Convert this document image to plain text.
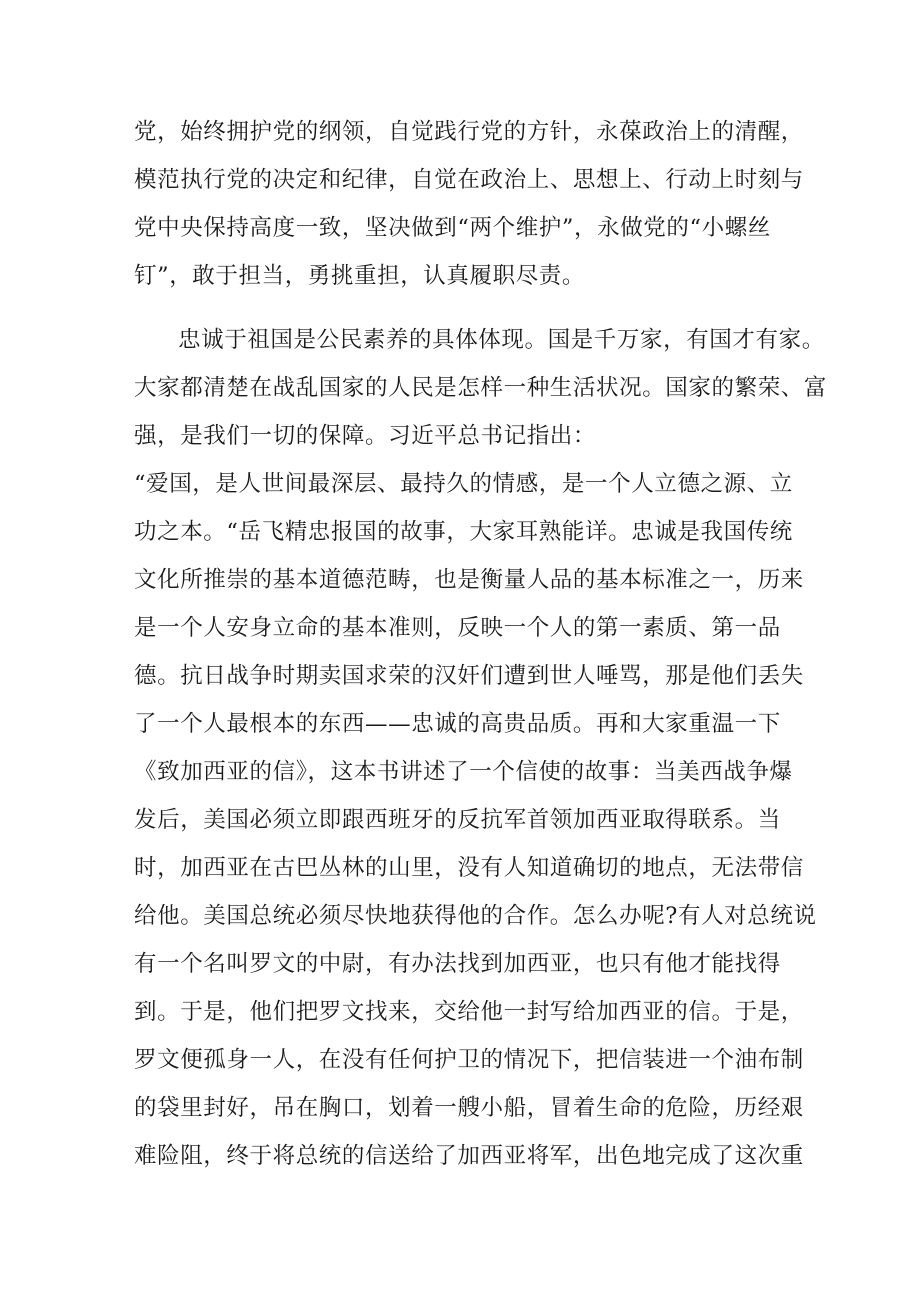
党，始终拥护党的纲领，自觉践行党的方针，永葆政治上的清醒，
模范执行党的决定和纪律，自觉在政治上、思想上、行动上时刻与
党中央保持高度一致，坚决做到“两个维护”，永做党的“小螺丝
钉”，敢于担当，勇挑重担，认真履职尽责。
忠诚于祖国是公民素养的具体体现。国是千万家，有国才有家。
大家都清楚在战乱国家的人民是怎样一种生活状况。国家的繁荣、富
强，是我们一切的保障。习近平总书记指出：
“爱国，是人世间最深层、最持久的情感，是一个人立德之源、立
功之本。“岳飞精忠报国的故事，大家耳熟能详。忠诚是我国传统
文化所推崇的基本道德范畴，也是衡量人品的基本标准之一，历来
是一个人安身立命的基本准则，反映一个人的第一素质、第一品
德。抗日战争时期卖国求荣的汉奸们遭到世人唾骂，那是他们丢失
了一个人最根本的东西——忠诚的高贵品质。再和大家重温一下
《致加西亚的信》，这本书讲述了一个信使的故事：当美西战争爆
发后，美国必须立即跟西班牙的反抗军首领加西亚取得联系。当
时，加西亚在古巴丛林的山里，没有人知道确切的地点，无法带信
给他。美国总统必须尽快地获得他的合作。怎么办呢?有人对总统说
有一个名叫罗文的中尉，有办法找到加西亚，也只有他才能找得
到。于是，他们把罗文找来，交给他一封写给加西亚的信。于是，
罗文便孤身一人，在没有任何护卫的情况下，把信装进一个油布制
的袋里封好，吊在胸口，划着一艘小船，冒着生命的危险，历经艰
难险阻，终于将总统的信送给了加西亚将军，出色地完成了这次重
